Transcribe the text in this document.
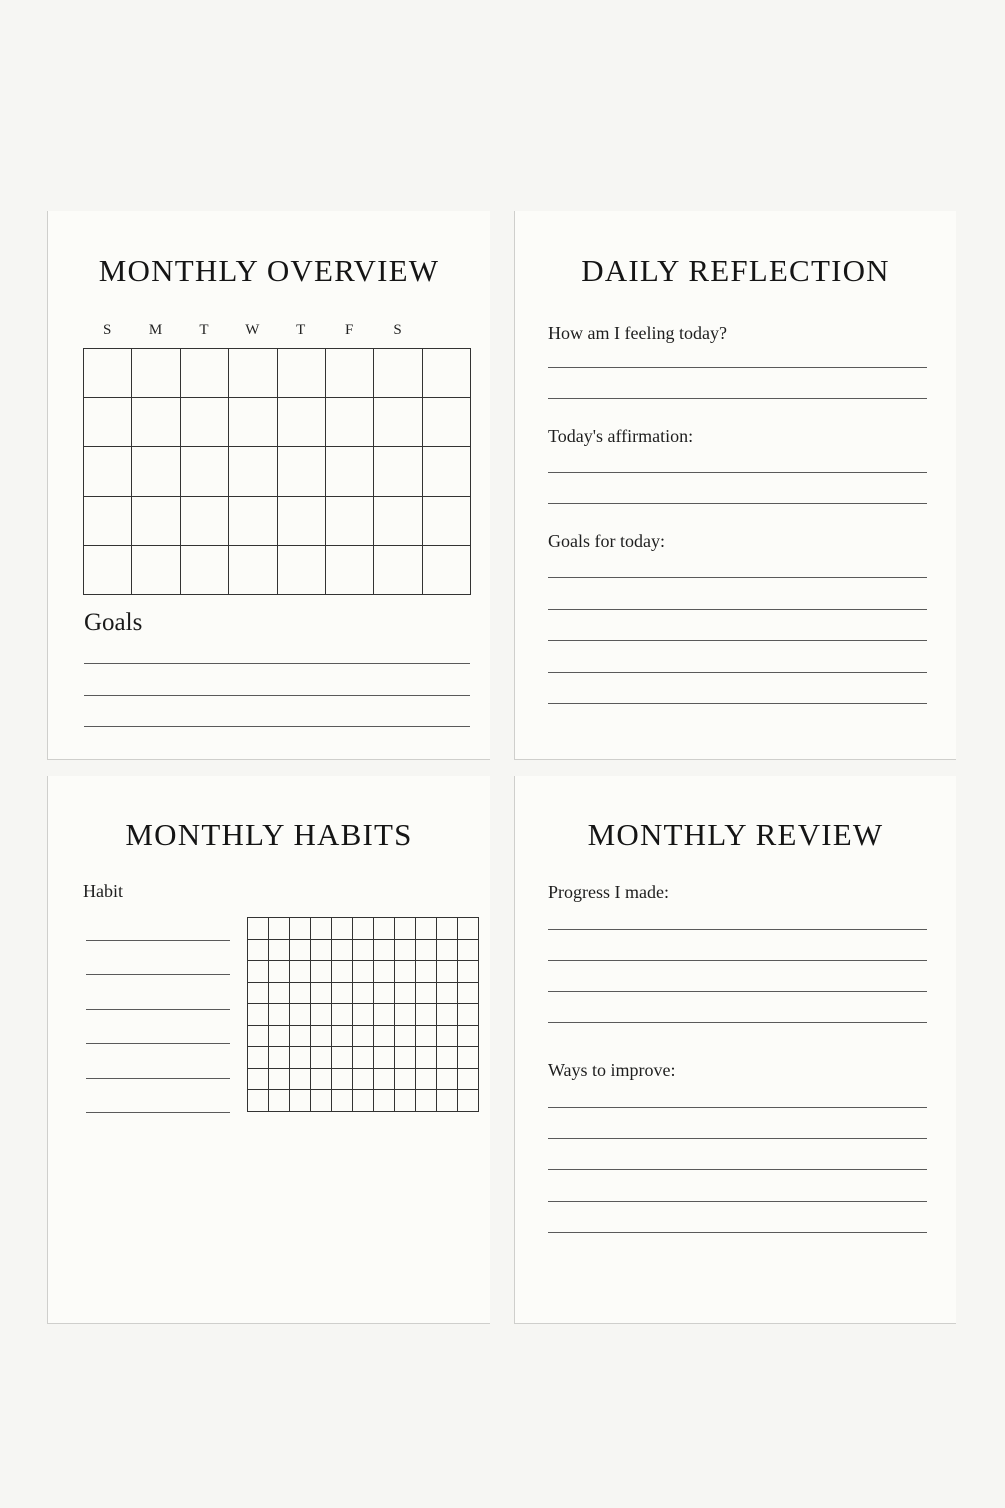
MONTHLY OVERVIEW
S	M	T	W	T	F	S
Goals
DAILY REFLECTION
How am I feeling today?
Today's affirmation:
Goals for today:
MONTHLY HABITS
Habit
MONTHLY REVIEW
Progress I made:
Ways to improve:
